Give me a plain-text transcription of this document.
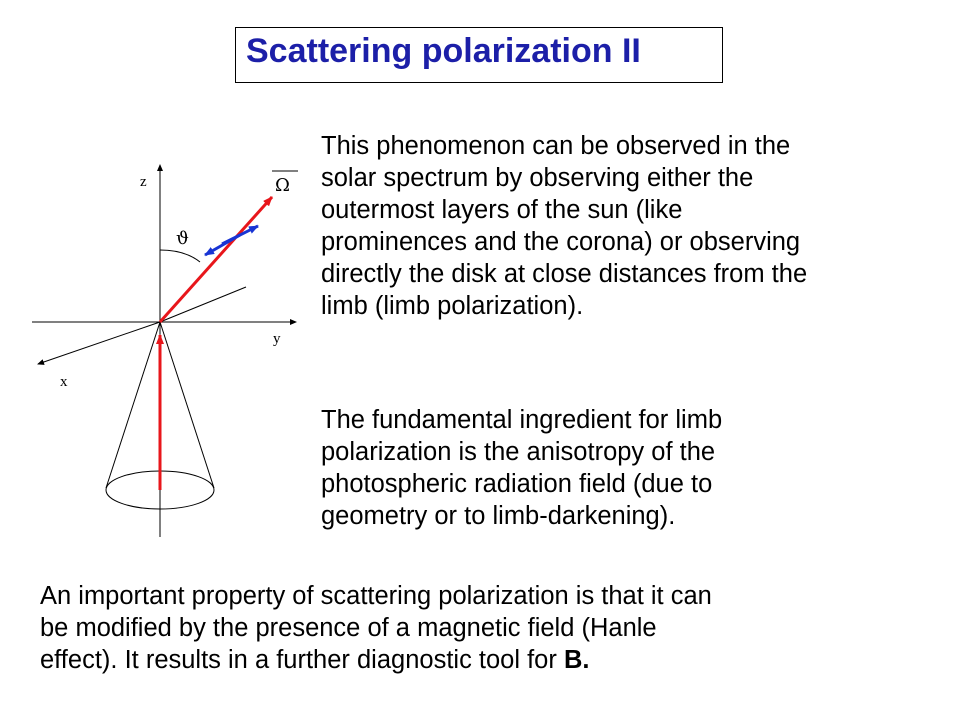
Scattering polarization II
z
y
x
Ω
ϑ
This phenomenon can be observed in the
solar spectrum by observing either the
outermost layers of the sun (like
prominences and the corona) or observing
directly the disk at close distances from the
limb (limb polarization).
The fundamental ingredient for limb
polarization is the anisotropy of the
photospheric radiation field (due to
geometry or to limb-darkening).
An important property of scattering polarization is that it can
be modified by the presence of a magnetic field (Hanle
effect). It results in a further diagnostic tool for B.
